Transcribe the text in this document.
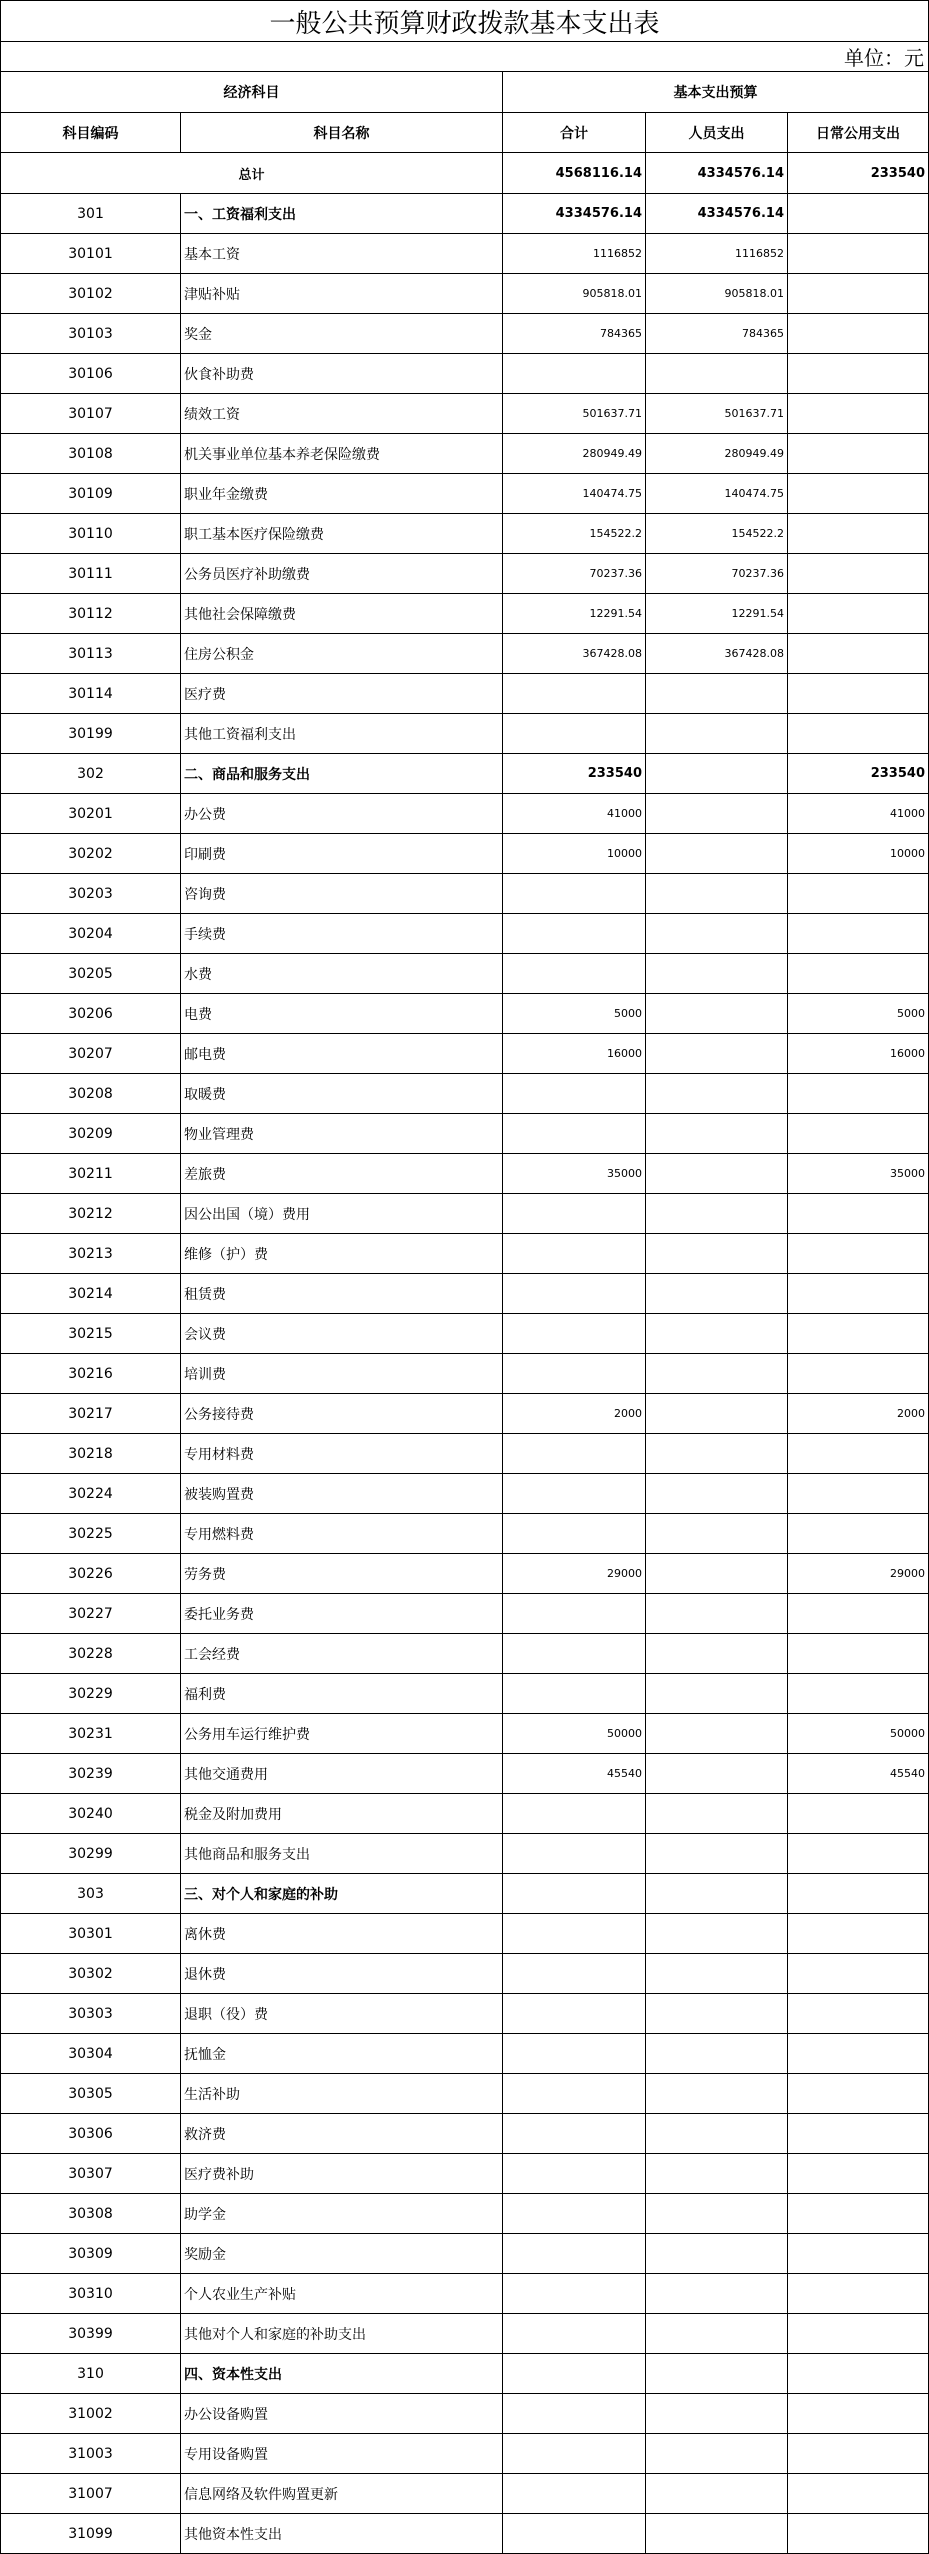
一般公共预算财政拨款基本支出表				
单位：元				
经济科目		基本支出预算		
科目编码	科目名称	合计	人员支出	日常公用支出
总计		4568116.14	4334576.14	233540
301	一、工资福利支出	4334576.14	4334576.14	
30101	基本工资	1116852	1116852	
30102	津贴补贴	905818.01	905818.01	
30103	奖金	784365	784365	
30106	伙食补助费			
30107	绩效工资	501637.71	501637.71	
30108	机关事业单位基本养老保险缴费	280949.49	280949.49	
30109	职业年金缴费	140474.75	140474.75	
30110	职工基本医疗保险缴费	154522.2	154522.2	
30111	公务员医疗补助缴费	70237.36	70237.36	
30112	其他社会保障缴费	12291.54	12291.54	
30113	住房公积金	367428.08	367428.08	
30114	医疗费			
30199	其他工资福利支出			
302	二、商品和服务支出	233540		233540
30201	办公费	41000		41000
30202	印刷费	10000		10000
30203	咨询费			
30204	手续费			
30205	水费			
30206	电费	5000		5000
30207	邮电费	16000		16000
30208	取暖费			
30209	物业管理费			
30211	差旅费	35000		35000
30212	因公出国（境）费用			
30213	维修（护）费			
30214	租赁费			
30215	会议费			
30216	培训费			
30217	公务接待费	2000		2000
30218	专用材料费			
30224	被装购置费			
30225	专用燃料费			
30226	劳务费	29000		29000
30227	委托业务费			
30228	工会经费			
30229	福利费			
30231	公务用车运行维护费	50000		50000
30239	其他交通费用	45540		45540
30240	税金及附加费用			
30299	其他商品和服务支出			
303	三、对个人和家庭的补助			
30301	离休费			
30302	退休费			
30303	退职（役）费			
30304	抚恤金			
30305	生活补助			
30306	救济费			
30307	医疗费补助			
30308	助学金			
30309	奖励金			
30310	个人农业生产补贴			
30399	其他对个人和家庭的补助支出			
310	四、资本性支出			
31002	办公设备购置			
31003	专用设备购置			
31007	信息网络及软件购置更新			
31099	其他资本性支出			
